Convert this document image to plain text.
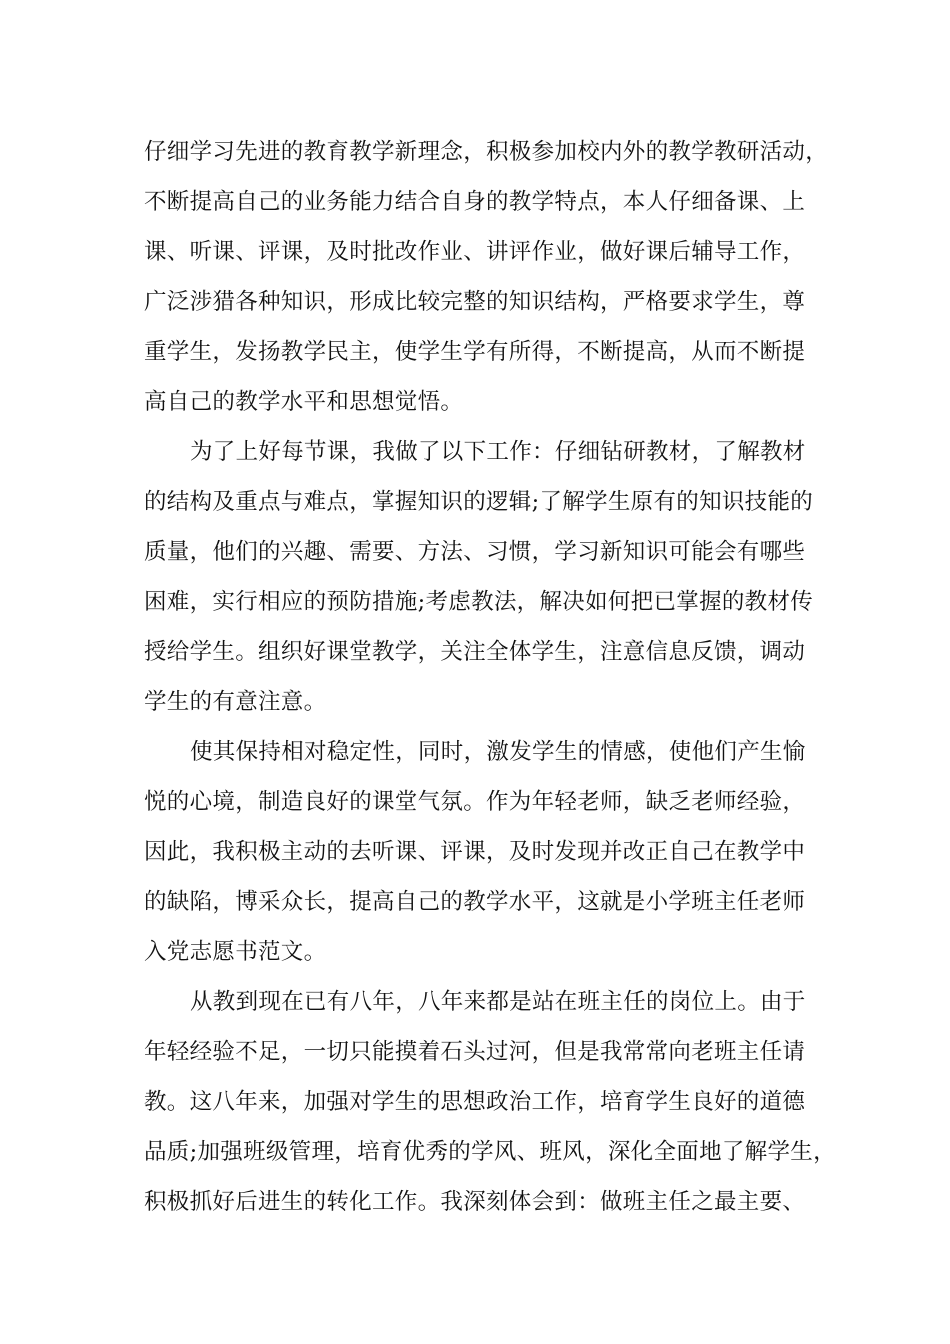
仔细学习先进的教育教学新理念，积极参加校内外的教学教研活动，
不断提高自己的业务能力结合自身的教学特点，本人仔细备课、上
课、听课、评课，及时批改作业、讲评作业，做好课后辅导工作，
广泛涉猎各种知识，形成比较完整的知识结构，严格要求学生，尊
重学生，发扬教学民主，使学生学有所得，不断提高，从而不断提
高自己的教学水平和思想觉悟。
为了上好每节课，我做了以下工作：仔细钻研教材，了解教材
的结构及重点与难点，掌握知识的逻辑;了解学生原有的知识技能的
质量，他们的兴趣、需要、方法、习惯，学习新知识可能会有哪些
困难，实行相应的预防措施;考虑教法，解决如何把已掌握的教材传
授给学生。组织好课堂教学，关注全体学生，注意信息反馈，调动
学生的有意注意。
使其保持相对稳定性，同时，激发学生的情感，使他们产生愉
悦的心境，制造良好的课堂气氛。作为年轻老师，缺乏老师经验，
因此，我积极主动的去听课、评课，及时发现并改正自己在教学中
的缺陷，博采众长，提高自己的教学水平，这就是小学班主任老师
入党志愿书范文。
从教到现在已有八年，八年来都是站在班主任的岗位上。由于
年轻经验不足，一切只能摸着石头过河，但是我常常向老班主任请
教。这八年来，加强对学生的思想政治工作，培育学生良好的道德
品质;加强班级管理，培育优秀的学风、班风，深化全面地了解学生，
积极抓好后进生的转化工作。我深刻体会到：做班主任之最主要、
